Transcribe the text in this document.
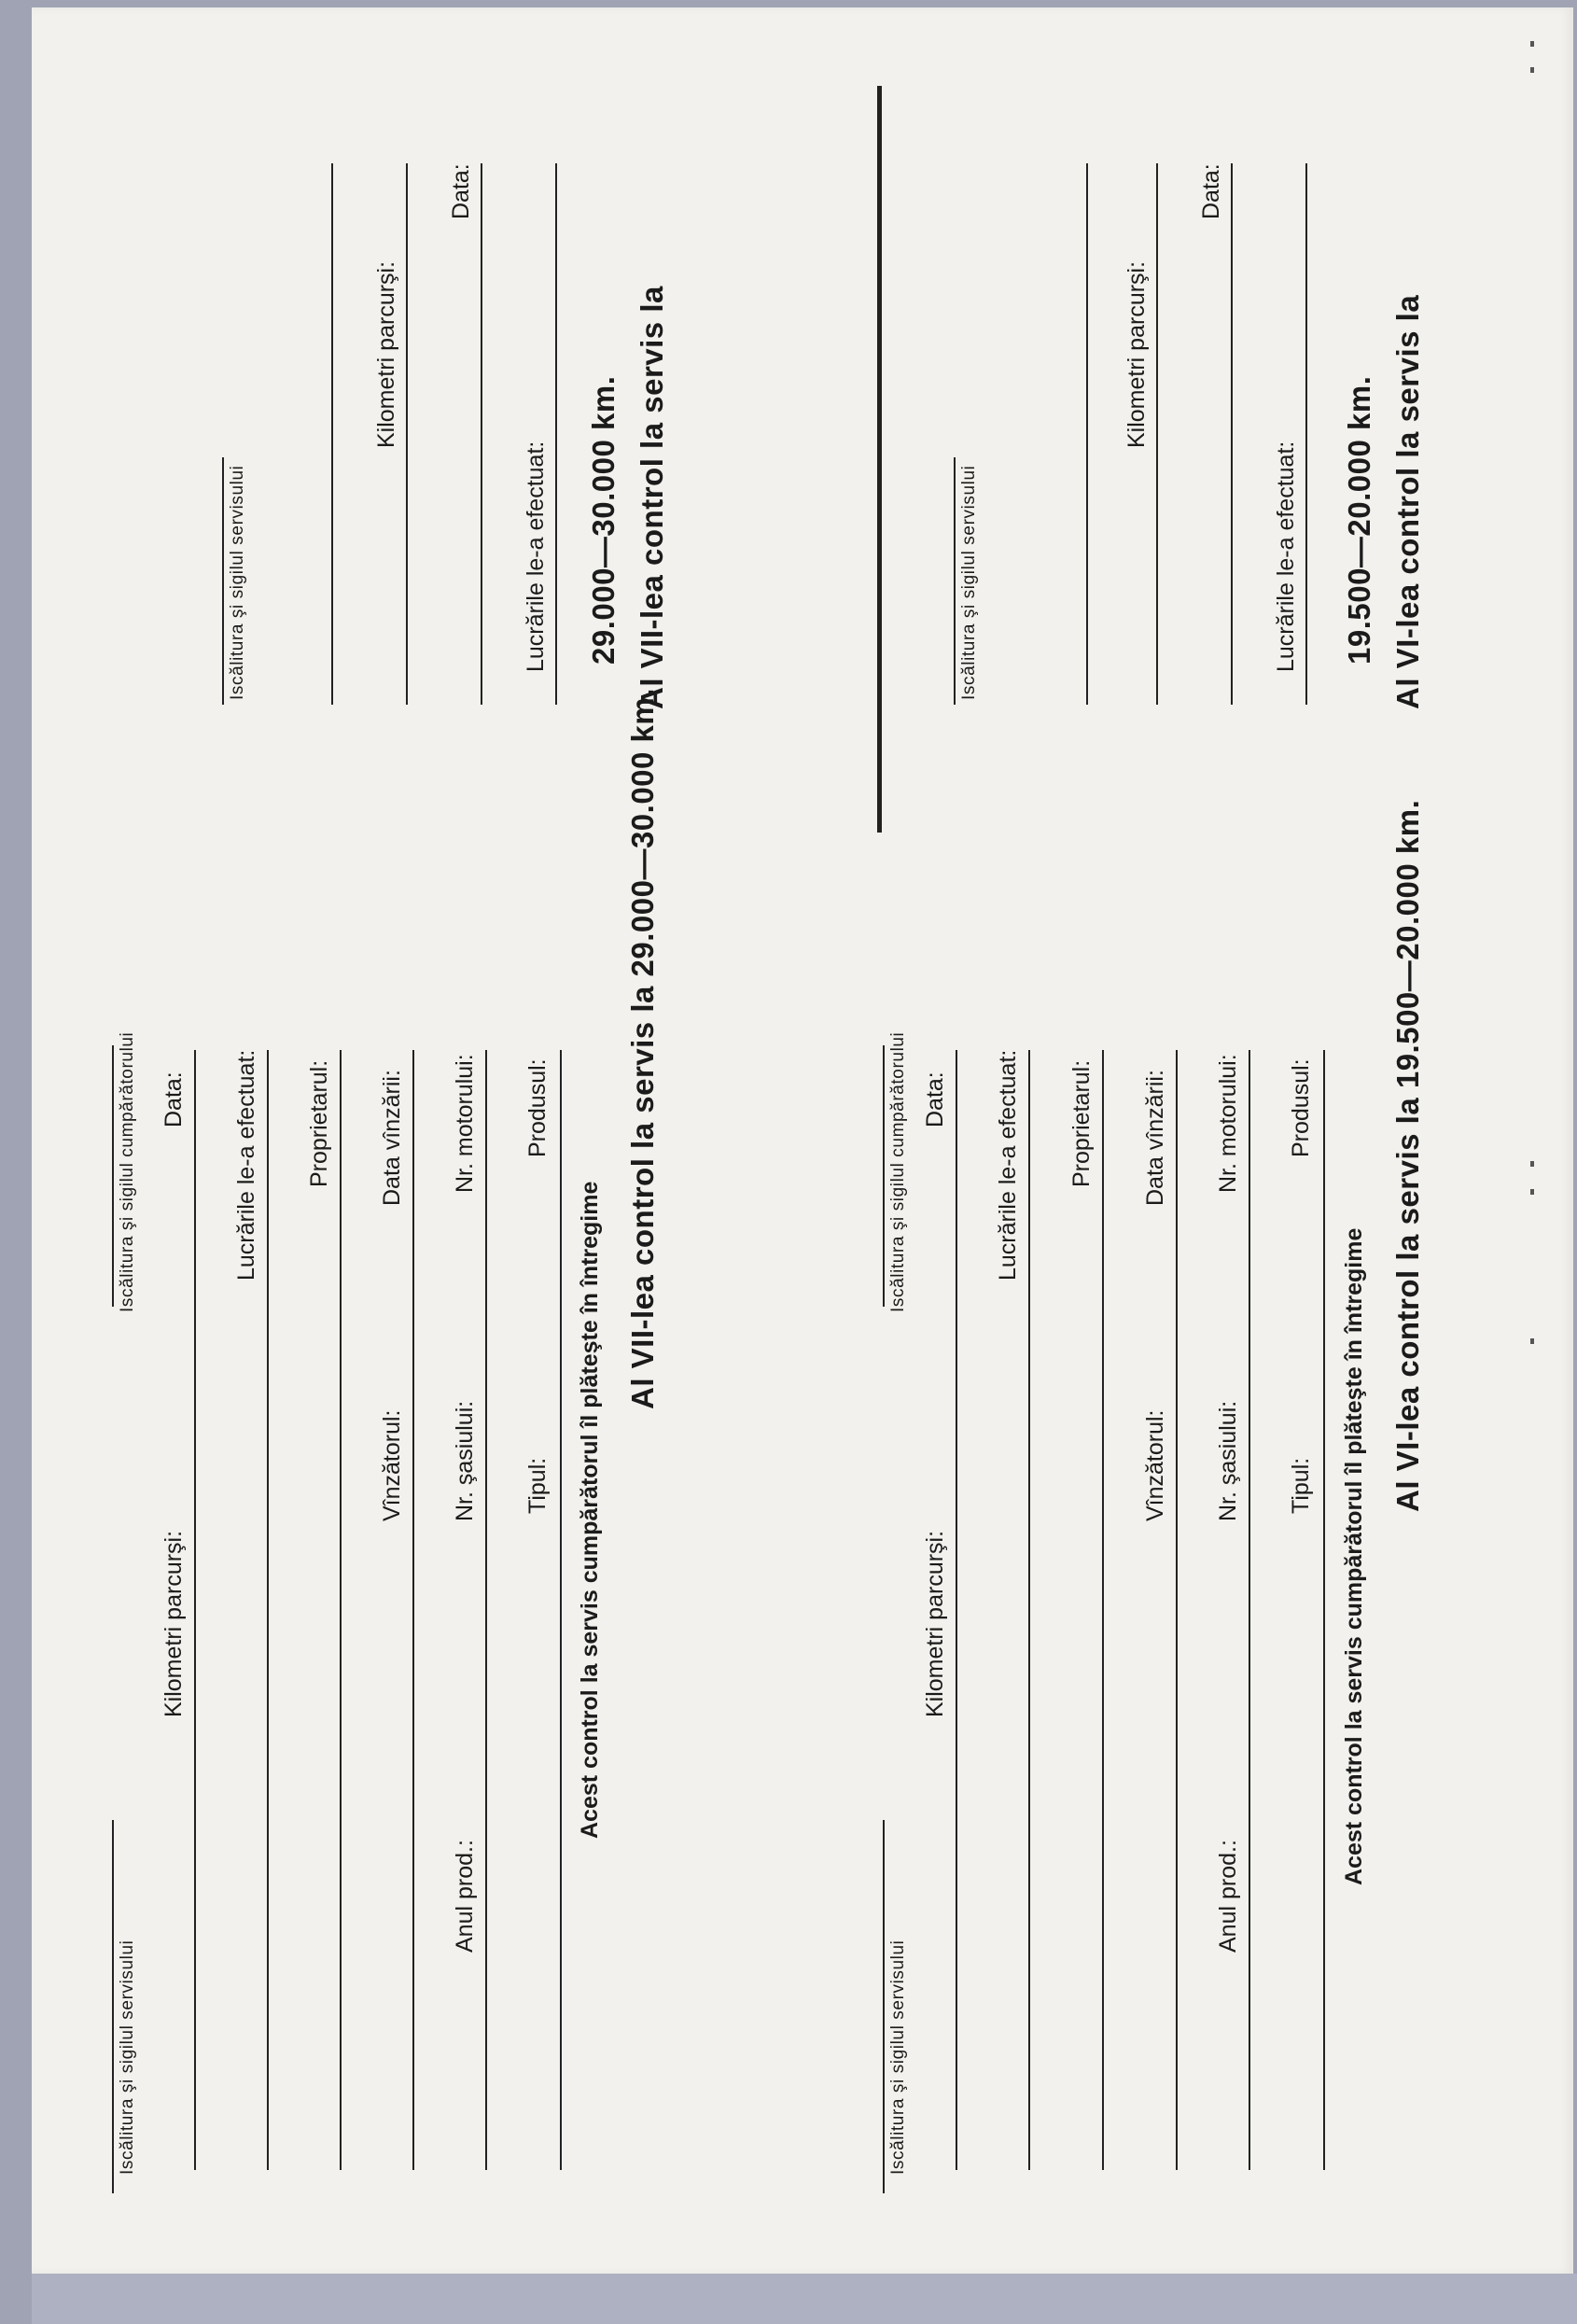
Al VI-lea control la servis la
19.500—20.000 km.
Lucrările le-a efectuat:
Data:
Kilometri parcurşi:
Iscălitura şi sigilul servisului
Al VII-lea control la servis la
29.000—30.000 km.
Lucrările le-a efectuat:
Data:
Kilometri parcurşi:
Iscălitura şi sigilul servisului
Al VI-lea control la servis la 19.500—20.000 km.
Acest control la servis cumpărătorul îl plăteşte în întregime
Produsul:
Tipul:
Nr. motorului:
Nr. şasiului:
Anul prod.:
Data vînzării:
Vînzătorul:
Proprietarul:
Lucrările le-a efectuat:
Data:
Kilometri parcurşi:
Iscălitura şi sigilul cumpărătorului
Iscălitura şi sigilul servisului
Al VII-lea control la servis la 29.000—30.000 km.
Acest control la servis cumpărătorul îl plăteşte în întregime
Produsul:
Tipul:
Nr. motorului:
Nr. şasiului:
Anul prod.:
Data vînzării:
Vînzătorul:
Proprietarul:
Lucrările le-a efectuat:
Data:
Kilometri parcurşi:
Iscălitura şi sigilul cumpărătorului
Iscălitura şi sigilul servisului
